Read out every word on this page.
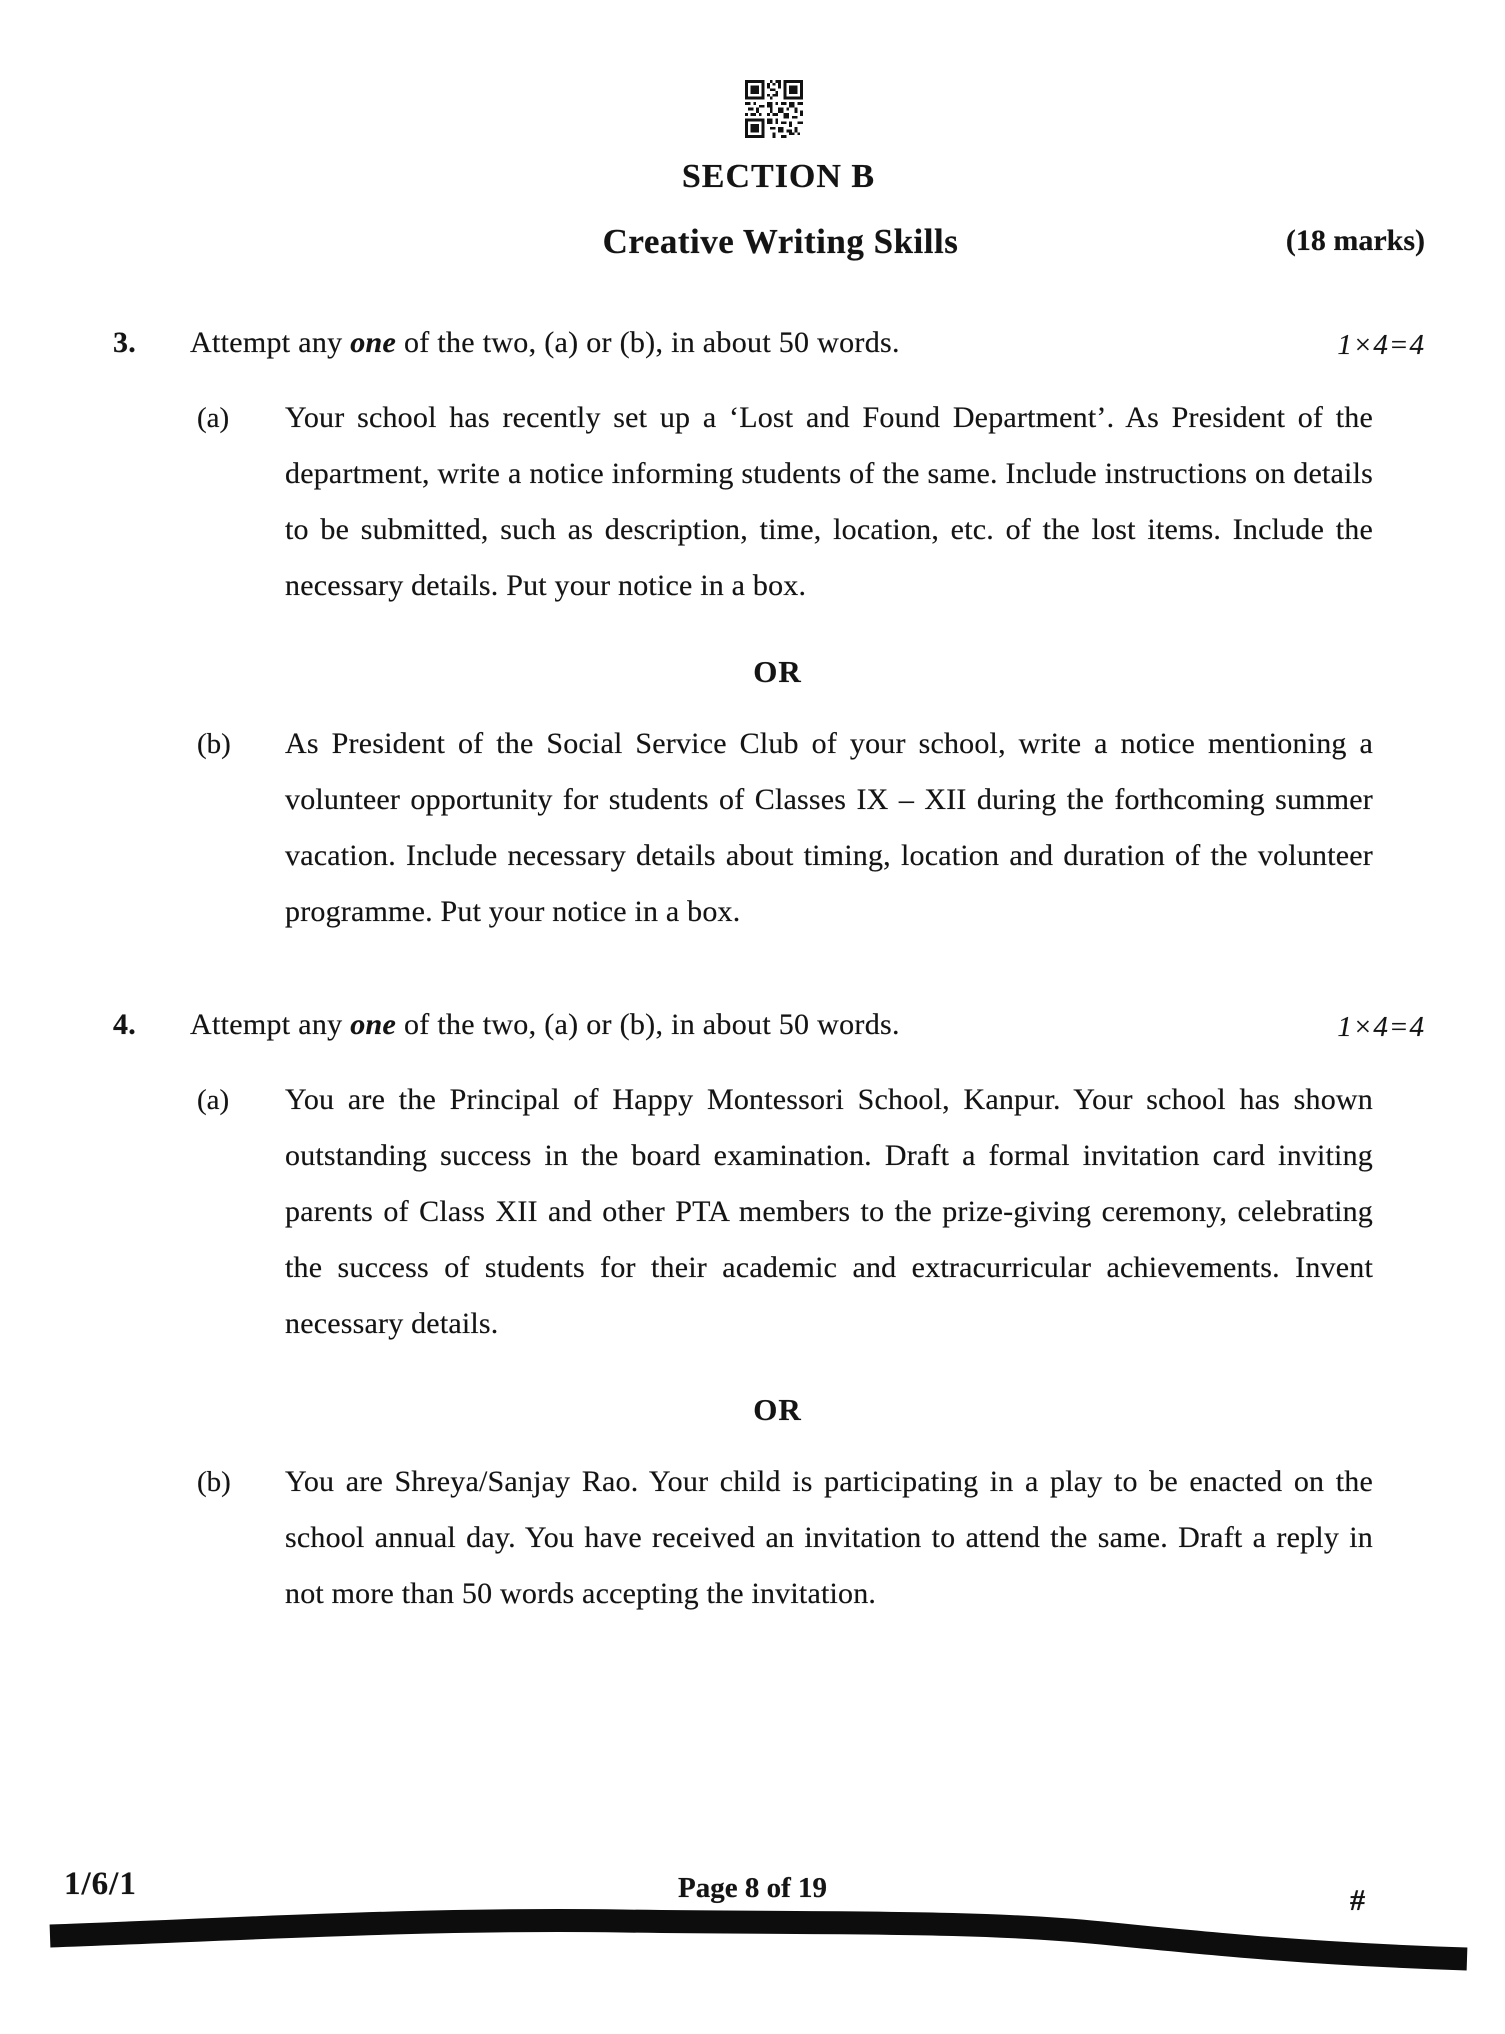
SECTION B
Creative Writing Skills	(18 marks)
3. Attempt any one of the two, (a) or (b), in about 50 words.	1×4=4
(a)	Your school has recently set up a ‘Lost and Found Department’. As President of the department, write a notice informing students of the same. Include instructions on details to be submitted, such as description, time, location, etc. of the lost items. Include the necessary details. Put your notice in a box.
OR
(b)	As President of the Social Service Club of your school, write a notice mentioning a volunteer opportunity for students of Classes IX – XII during the forthcoming summer vacation. Include necessary details about timing, location and duration of the volunteer programme. Put your notice in a box.
4. Attempt any one of the two, (a) or (b), in about 50 words.	1×4=4
(a)	You are the Principal of Happy Montessori School, Kanpur. Your school has shown outstanding success in the board examination. Draft a formal invitation card inviting parents of Class XII and other PTA members to the prize-giving ceremony, celebrating the success of students for their academic and extracurricular achievements. Invent necessary details.
OR
(b)	You are Shreya/Sanjay Rao. Your child is participating in a play to be enacted on the school annual day. You have received an invitation to attend the same. Draft a reply in not more than 50 words accepting the invitation.
1/6/1	Page 8 of 19	#
